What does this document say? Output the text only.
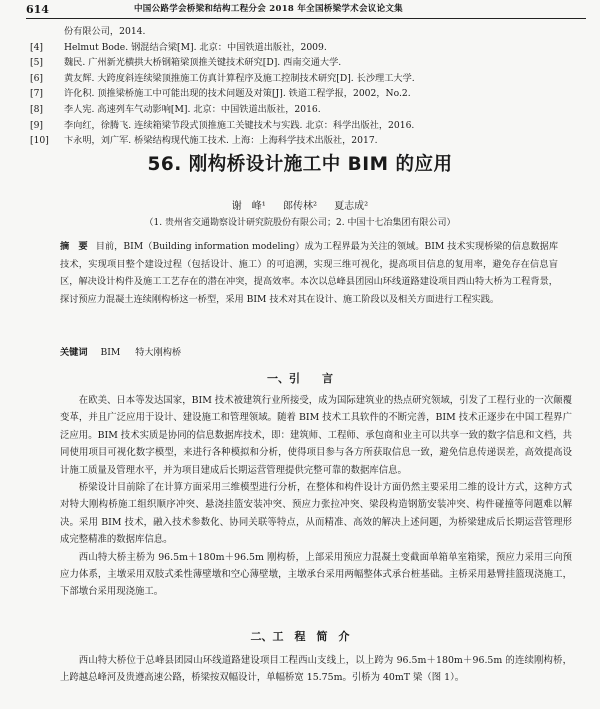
614	中国公路学会桥梁和结构工程分会 2018 年全国桥梁学术会议论文集
份有限公司，2014.
[4] Helmut Bode. 钢混结合梁[M]. 北京：中国铁道出版社，2009.
[5] 魏民. 广州新光横拱大桥钢箱梁顶推关键技术研究[D]. 西南交通大学.
[6] 黄友辉. 大跨度斜连续梁顶推施工仿真计算程序及施工控制技术研究[D]. 长沙理工大学.
[7] 许化积. 顶推梁桥施工中可能出现的技术问题及对策[J]. 铁道工程学报，2002，No.2.
[8] 李人宪. 高速列车气动影响[M]. 北京：中国铁道出版社，2016.
[9] 李向红，徐腾飞. 连续箱梁节段式顶推施工关键技术与实践. 北京：科学出版社，2016.
[10] 卞永明，刘广军. 桥梁结构现代施工技术. 上海：上海科学技术出版社，2017.
56. 刚构桥设计施工中 BIM 的应用
谢　峰¹ 郎传林² 夏志成²
（1. 贵州省交通勘察设计研究院股份有限公司；2. 中国十七冶集团有限公司）
摘　要 目前，BIM（Building information modeling）成为工程界最为关注的领域。BIM 技术实现桥梁的信息数据库技术，实现项目整个建设过程（包括设计、施工）的可追溯，实现三维可视化，提高项目信息的复用率，避免存在信息盲区，解决设计构件及施工工艺存在的潜在冲突，提高效率。本次以总峰县团园山环线道路建设项目西山特大桥为工程背景，探讨预应力混凝土连续刚构桥这一桥型，采用 BIM 技术对其在设计、施工阶段以及相关方面进行工程实践。
关键词 BIM 特大刚构桥
一、引　　言

在欧美、日本等发达国家，BIM 技术被建筑行业所接受，成为国际建筑业的热点研究领域，引发了工程行业的一次颠覆变革，并且广泛应用于设计、建设施工和管理领域。随着 BIM 技术工具软件的不断完善，BIM 技术正逐步在中国工程界广泛应用。BIM 技术实质是协同的信息数据库技术，即：建筑师、工程师、承包商和业主可以共享一致的数字信息和文档，共同使用项目可视化数字模型，来进行各种模拟和分析，使得项目参与各方所获取信息一致，避免信息传递误差，高效提高设计施工质量及管理水平，并为项目建成后长期运营管理提供完整可靠的数据库信息。

桥梁设计目前除了在计算方面采用三维模型进行分析，在整体和构件设计方面仍然主要采用二维的设计方式，这种方式对特大刚构桥施工组织顺序冲突、悬浇挂篮安装冲突、预应力张拉冲突、梁段构造钢筋安装冲突、构件碰撞等问题难以解决。采用 BIM 技术，融入技术参数化、协同关联等特点，从而精准、高效的解决上述问题，为桥梁建成后长期运营管理形成完整精准的数据库信息。

西山特大桥主桥为 96.5m＋180m＋96.5m 刚构桥，上部采用预应力混凝土变截面单箱单室箱梁，预应力采用三向预应力体系，主墩采用双肢式柔性薄壁墩和空心薄壁墩，主墩承台采用两幅整体式承台桩基础。主桥采用悬臂挂篮现浇施工，下部墩台采用现浇施工。

二、工　程　简　介

西山特大桥位于总峰县团园山环线道路建设项目工程西山支线上，以上跨为 96.5m＋180m＋96.5m 的连续刚构桥，上跨越总峰河及贵遵高速公路，桥梁按双幅设计，单幅桥宽 15.75m。引桥为 40mT 梁（图 1）。
